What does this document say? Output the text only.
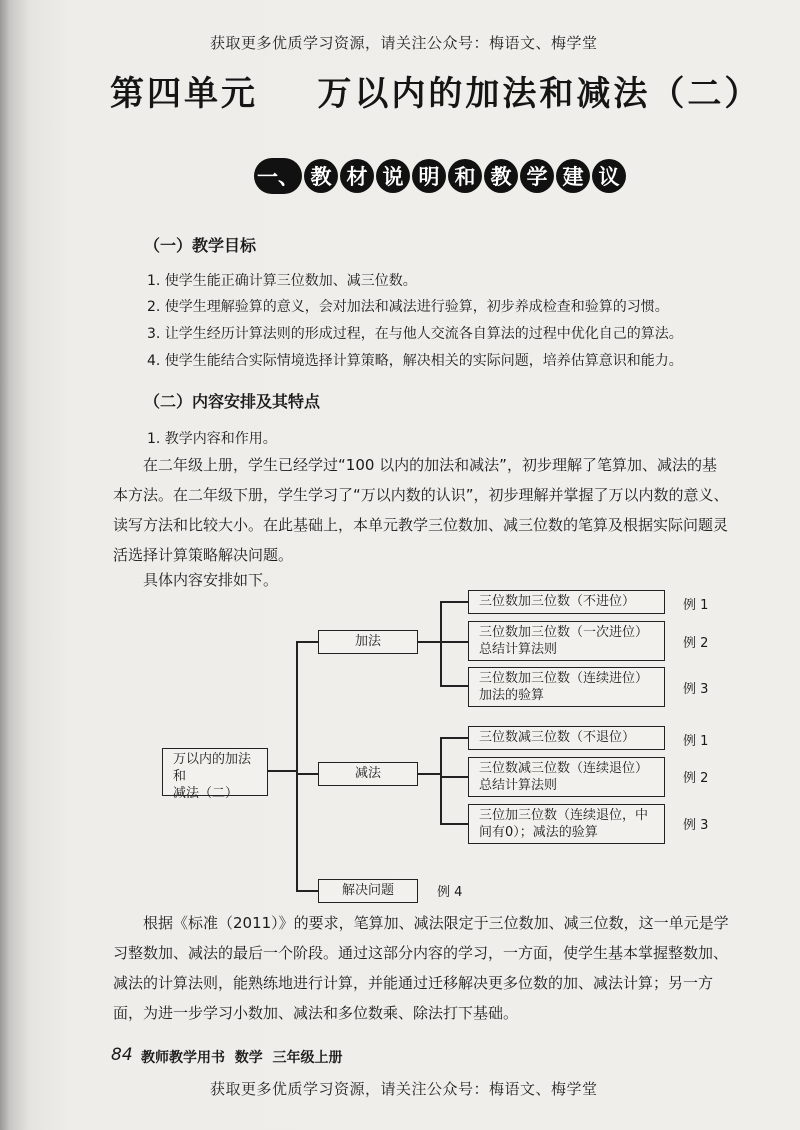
获取更多优质学习资源，请关注公众号：梅语文、梅学堂
第四单元    万以内的加法和减法（二）
一、 教 材 说 明 和 教 学 建 议
（一）教学目标
1. 使学生能正确计算三位数加、减三位数。
2. 使学生理解验算的意义，会对加法和减法进行验算，初步养成检查和验算的习惯。
3. 让学生经历计算法则的形成过程，在与他人交流各自算法的过程中优化自己的算法。
4. 使学生能结合实际情境选择计算策略，解决相关的实际问题，培养估算意识和能力。
（二）内容安排及其特点
1. 教学内容和作用。
在二年级上册，学生已经学过“100 以内的加法和减法”，初步理解了笔算加、减法的基
本方法。在二年级下册，学生学习了“万以内数的认识”，初步理解并掌握了万以内数的意义、
读写方法和比较大小。在此基础上，本单元教学三位数加、减三位数的笔算及根据实际问题灵
活选择计算策略解决问题。
具体内容安排如下。
万以内的加法和
减法（二）
加法
减法
解决问题	例 4
三位数加三位数（不进位）	例 1
三位数加三位数（一次进位）
总结计算法则	例 2
三位数加三位数（连续进位）
加法的验算	例 3
三位数减三位数（不退位）	例 1
三位数减三位数（连续退位）
总结计算法则	例 2
三位加三位数（连续退位，中
间有0）；减法的验算	例 3
根据《标准（2011）》的要求，笔算加、减法限定于三位数加、减三位数，这一单元是学
习整数加、减法的最后一个阶段。通过这部分内容的学习，一方面，使学生基本掌握整数加、
减法的计算法则，能熟练地进行计算，并能通过迁移解决更多位数的加、减法计算；另一方
面，为进一步学习小数加、减法和多位数乘、除法打下基础。
84 教师教学用书  数学  三年级上册
获取更多优质学习资源，请关注公众号：梅语文、梅学堂
